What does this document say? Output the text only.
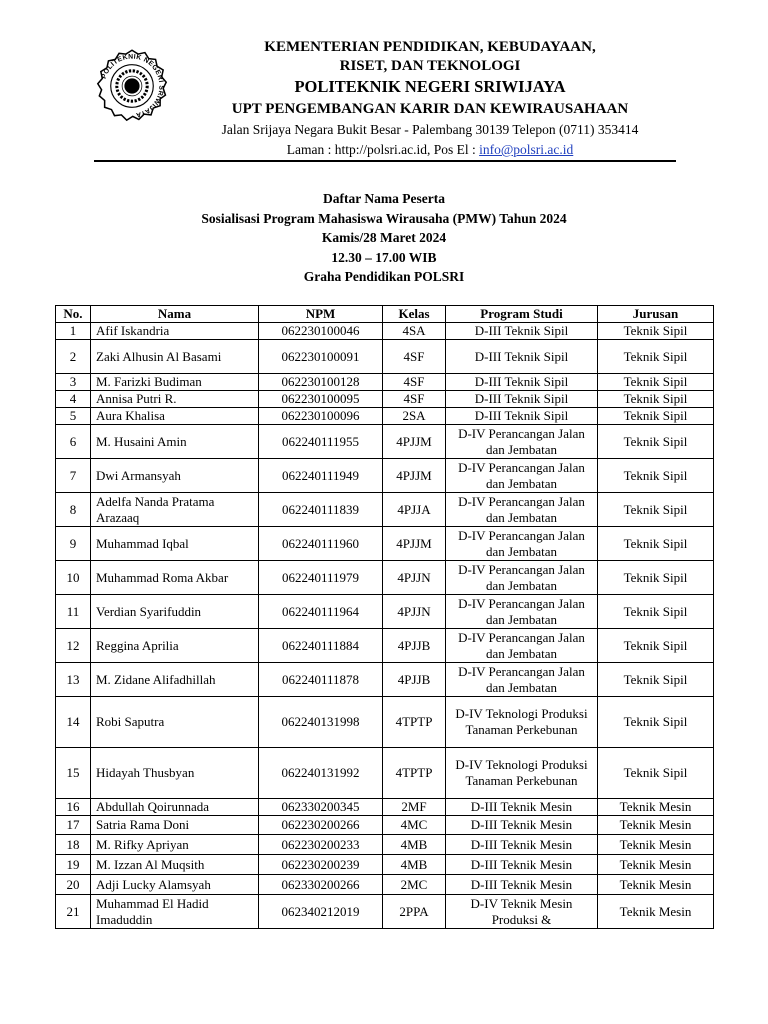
POLITEKNIK NEGERI SRIWIJAYA
KEMENTERIAN PENDIDIKAN, KEBUDAYAAN,
RISET, DAN TEKNOLOGI
POLITEKNIK NEGERI SRIWIJAYA
UPT PENGEMBANGAN KARIR DAN KEWIRAUSAHAAN
Jalan Srijaya Negara Bukit Besar - Palembang 30139 Telepon (0711) 353414
Laman : http://polsri.ac.id, Pos El : info@polsri.ac.id
Daftar Nama Peserta
Sosialisasi Program Mahasiswa Wirausaha (PMW) Tahun 2024
Kamis/28 Maret 2024
12.30 – 17.00 WIB
Graha Pendidikan POLSRI
No.	Nama	NPM	Kelas	Program Studi	Jurusan
1	Afif Iskandria	062230100046	4SA	D-III Teknik Sipil	Teknik Sipil
2	Zaki Alhusin Al Basami	062230100091	4SF	D-III Teknik Sipil	Teknik Sipil
3	M. Farizki Budiman	062230100128	4SF	D-III Teknik Sipil	Teknik Sipil
4	Annisa Putri R.	062230100095	4SF	D-III Teknik Sipil	Teknik Sipil
5	Aura Khalisa	062230100096	2SA	D-III Teknik Sipil	Teknik Sipil
6	M. Husaini Amin	062240111955	4PJJM	D-IV Perancangan Jalan dan Jembatan	Teknik Sipil
7	Dwi Armansyah	062240111949	4PJJM	D-IV Perancangan Jalan dan Jembatan	Teknik Sipil
8	Adelfa Nanda Pratama Arazaaq	062240111839	4PJJA	D-IV Perancangan Jalan dan Jembatan	Teknik Sipil
9	Muhammad Iqbal	062240111960	4PJJM	D-IV Perancangan Jalan dan Jembatan	Teknik Sipil
10	Muhammad Roma Akbar	062240111979	4PJJN	D-IV Perancangan Jalan dan Jembatan	Teknik Sipil
11	Verdian Syarifuddin	062240111964	4PJJN	D-IV Perancangan Jalan dan Jembatan	Teknik Sipil
12	Reggina Aprilia	062240111884	4PJJB	D-IV Perancangan Jalan dan Jembatan	Teknik Sipil
13	M. Zidane Alifadhillah	062240111878	4PJJB	D-IV Perancangan Jalan dan Jembatan	Teknik Sipil
14	Robi Saputra	062240131998	4TPTP	D-IV Teknologi Produksi Tanaman Perkebunan	Teknik Sipil
15	Hidayah Thusbyan	062240131992	4TPTP	D-IV Teknologi Produksi Tanaman Perkebunan	Teknik Sipil
16	Abdullah Qoirunnada	062330200345	2MF	D-III Teknik Mesin	Teknik Mesin
17	Satria Rama Doni	062230200266	4MC	D-III Teknik Mesin	Teknik Mesin
18	M. Rifky Apriyan	062230200233	4MB	D-III Teknik Mesin	Teknik Mesin
19	M. Izzan Al Muqsith	062230200239	4MB	D-III Teknik Mesin	Teknik Mesin
20	Adji Lucky Alamsyah	062330200266	2MC	D-III Teknik Mesin	Teknik Mesin
21	Muhammad El Hadid Imaduddin	062340212019	2PPA	D-IV Teknik Mesin Produksi &	Teknik Mesin
